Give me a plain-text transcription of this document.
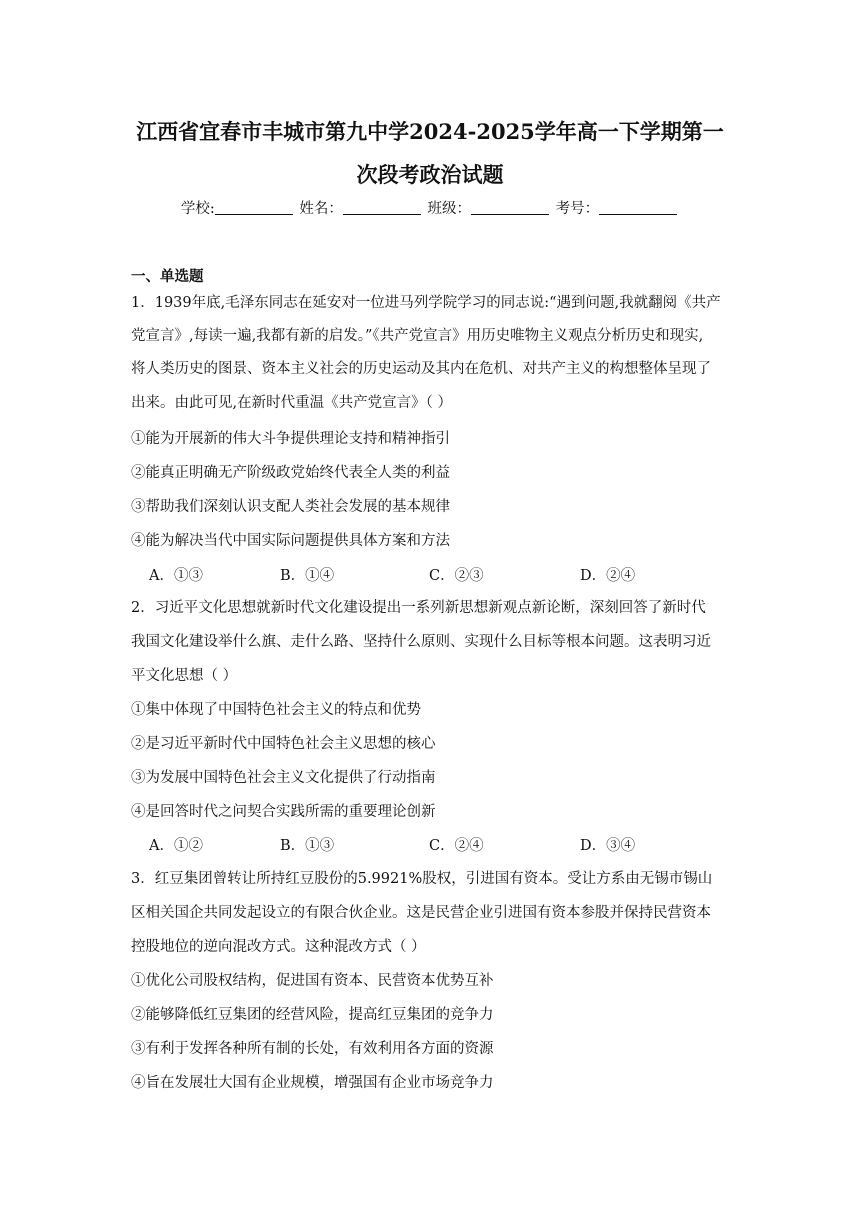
江西省宜春市丰城市第九中学2024-2025学年高一下学期第一
次段考政治试题
学校:	姓名：	班级：	考号：
一、单选题
1．1939年底,毛泽东同志在延安对一位进马列学院学习的同志说:“遇到问题,我就翻阅《共产
党宣言》,每读一遍,我都有新的启发。”《共产党宣言》用历史唯物主义观点分析历史和现实,
将人类历史的图景、资本主义社会的历史运动及其内在危机、对共产主义的构想整体呈现了
出来。由此可见,在新时代重温《共产党宣言》（ ）
①能为开展新的伟大斗争提供理论支持和精神指引
②能真正明确无产阶级政党始终代表全人类的利益
③帮助我们深刻认识支配人类社会发展的基本规律
④能为解决当代中国实际问题提供具体方案和方法
A．①③	B．①④	C．②③	D．②④
2．习近平文化思想就新时代文化建设提出一系列新思想新观点新论断，深刻回答了新时代
我国文化建设举什么旗、走什么路、坚持什么原则、实现什么目标等根本问题。这表明习近
平文化思想（ ）
①集中体现了中国特色社会主义的特点和优势
②是习近平新时代中国特色社会主义思想的核心
③为发展中国特色社会主义文化提供了行动指南
④是回答时代之问契合实践所需的重要理论创新
A．①②	B．①③	C．②④	D．③④
3．红豆集团曾转让所持红豆股份的5.9921%股权，引进国有资本。受让方系由无锡市锡山
区相关国企共同发起设立的有限合伙企业。这是民营企业引进国有资本参股并保持民营资本
控股地位的逆向混改方式。这种混改方式（ ）
①优化公司股权结构，促进国有资本、民营资本优势互补
②能够降低红豆集团的经营风险，提高红豆集团的竞争力
③有利于发挥各种所有制的长处，有效利用各方面的资源
④旨在发展壮大国有企业规模，增强国有企业市场竞争力
